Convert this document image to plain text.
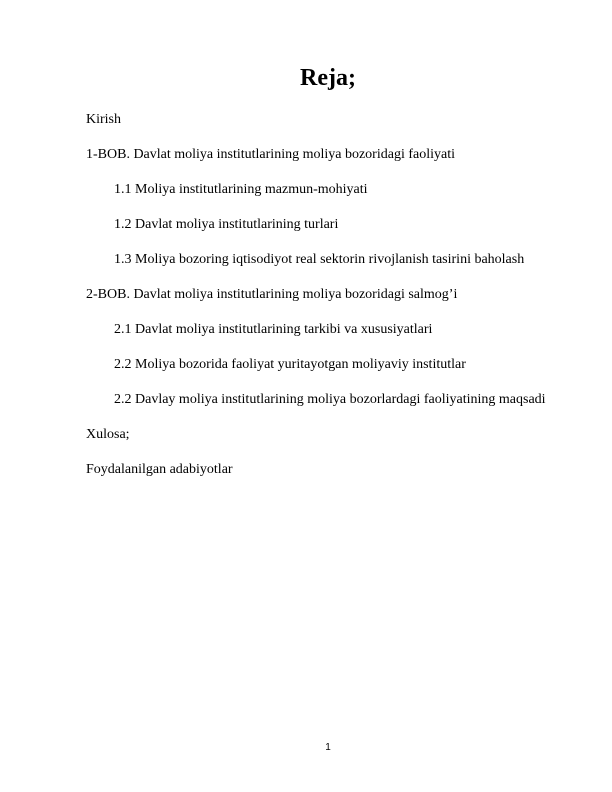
Reja;
Kirish
1-BOB. Davlat moliya institutlarining moliya bozoridagi faoliyati
1.1 Moliya institutlarining mazmun-mohiyati
1.2 Davlat moliya institutlarining turlari
1.3 Moliya bozoring iqtisodiyot real sektorin rivojlanish tasirini baholash
2-BOB. Davlat moliya institutlarining moliya bozoridagi salmog’i
2.1 Davlat moliya institutlarining tarkibi va xususiyatlari
2.2 Moliya bozorida faoliyat yuritayotgan moliyaviy institutlar
2.2 Davlay moliya institutlarining moliya bozorlardagi faoliyatining maqsadi
Xulosa;
Foydalanilgan adabiyotlar
1
